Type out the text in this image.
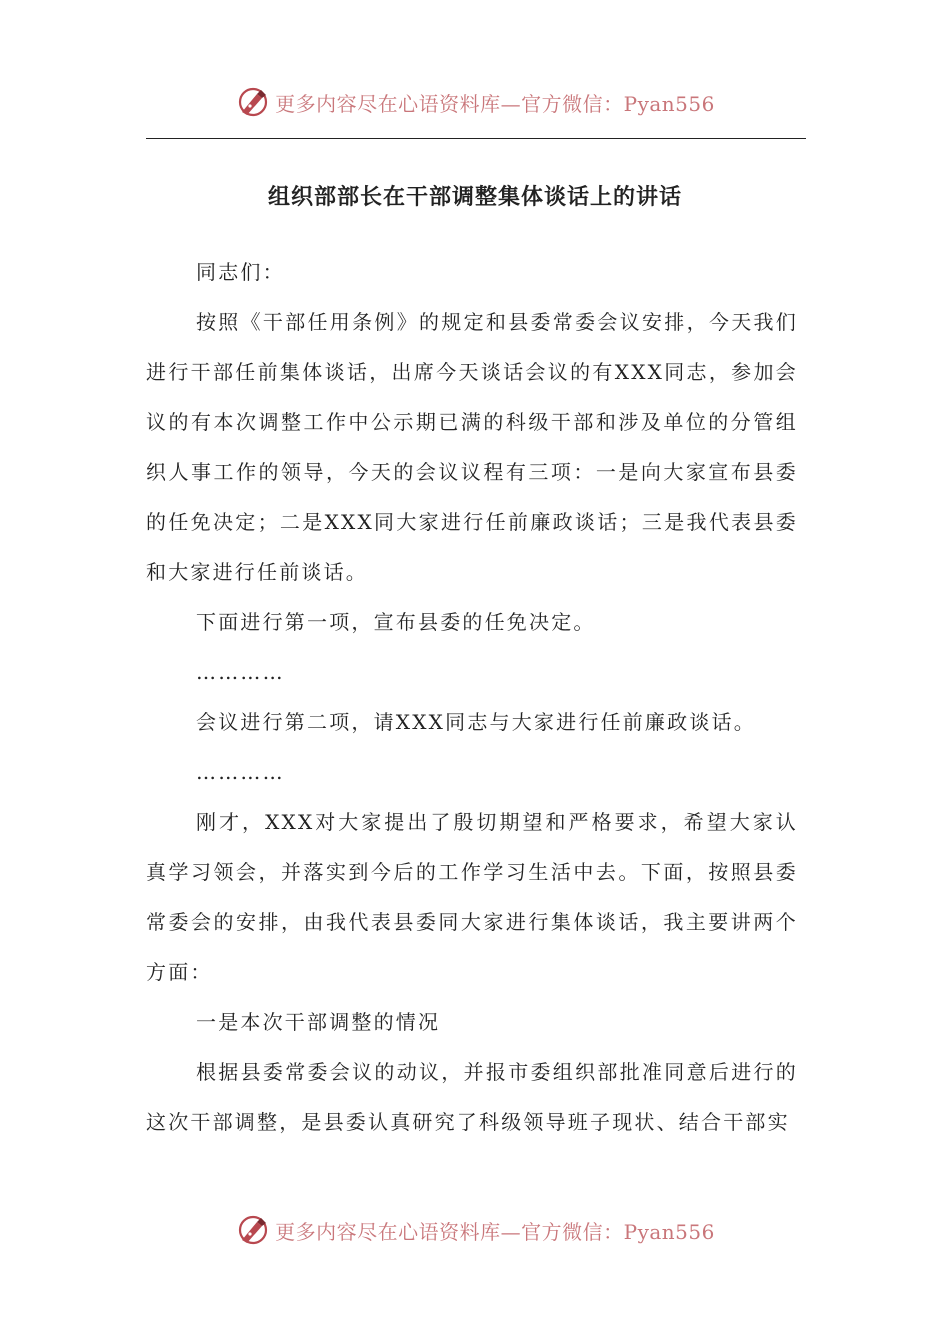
更多内容尽在心语资料库—官方微信：Pyan556
组织部部长在干部调整集体谈话上的讲话

同志们：

按照《干部任用条例》的规定和县委常委会议安排，今天我们进行干部任前集体谈话，出席今天谈话会议的有XXX同志，参加会议的有本次调整工作中公示期已满的科级干部和涉及单位的分管组织人事工作的领导，今天的会议议程有三项：一是向大家宣布县委的任免决定；二是XXX同大家进行任前廉政谈话；三是我代表县委和大家进行任前谈话。

下面进行第一项，宣布县委的任免决定。

…………

会议进行第二项，请XXX同志与大家进行任前廉政谈话。

…………

刚才，XXX对大家提出了殷切期望和严格要求，希望大家认真学习领会，并落实到今后的工作学习生活中去。下面，按照县委常委会的安排，由我代表县委同大家进行集体谈话，我主要讲两个方面：

一是本次干部调整的情况

根据县委常委会议的动议，并报市委组织部批准同意后进行的这次干部调整，是县委认真研究了科级领导班子现状、结合干部实

更多内容尽在心语资料库—官方微信：Pyan556
